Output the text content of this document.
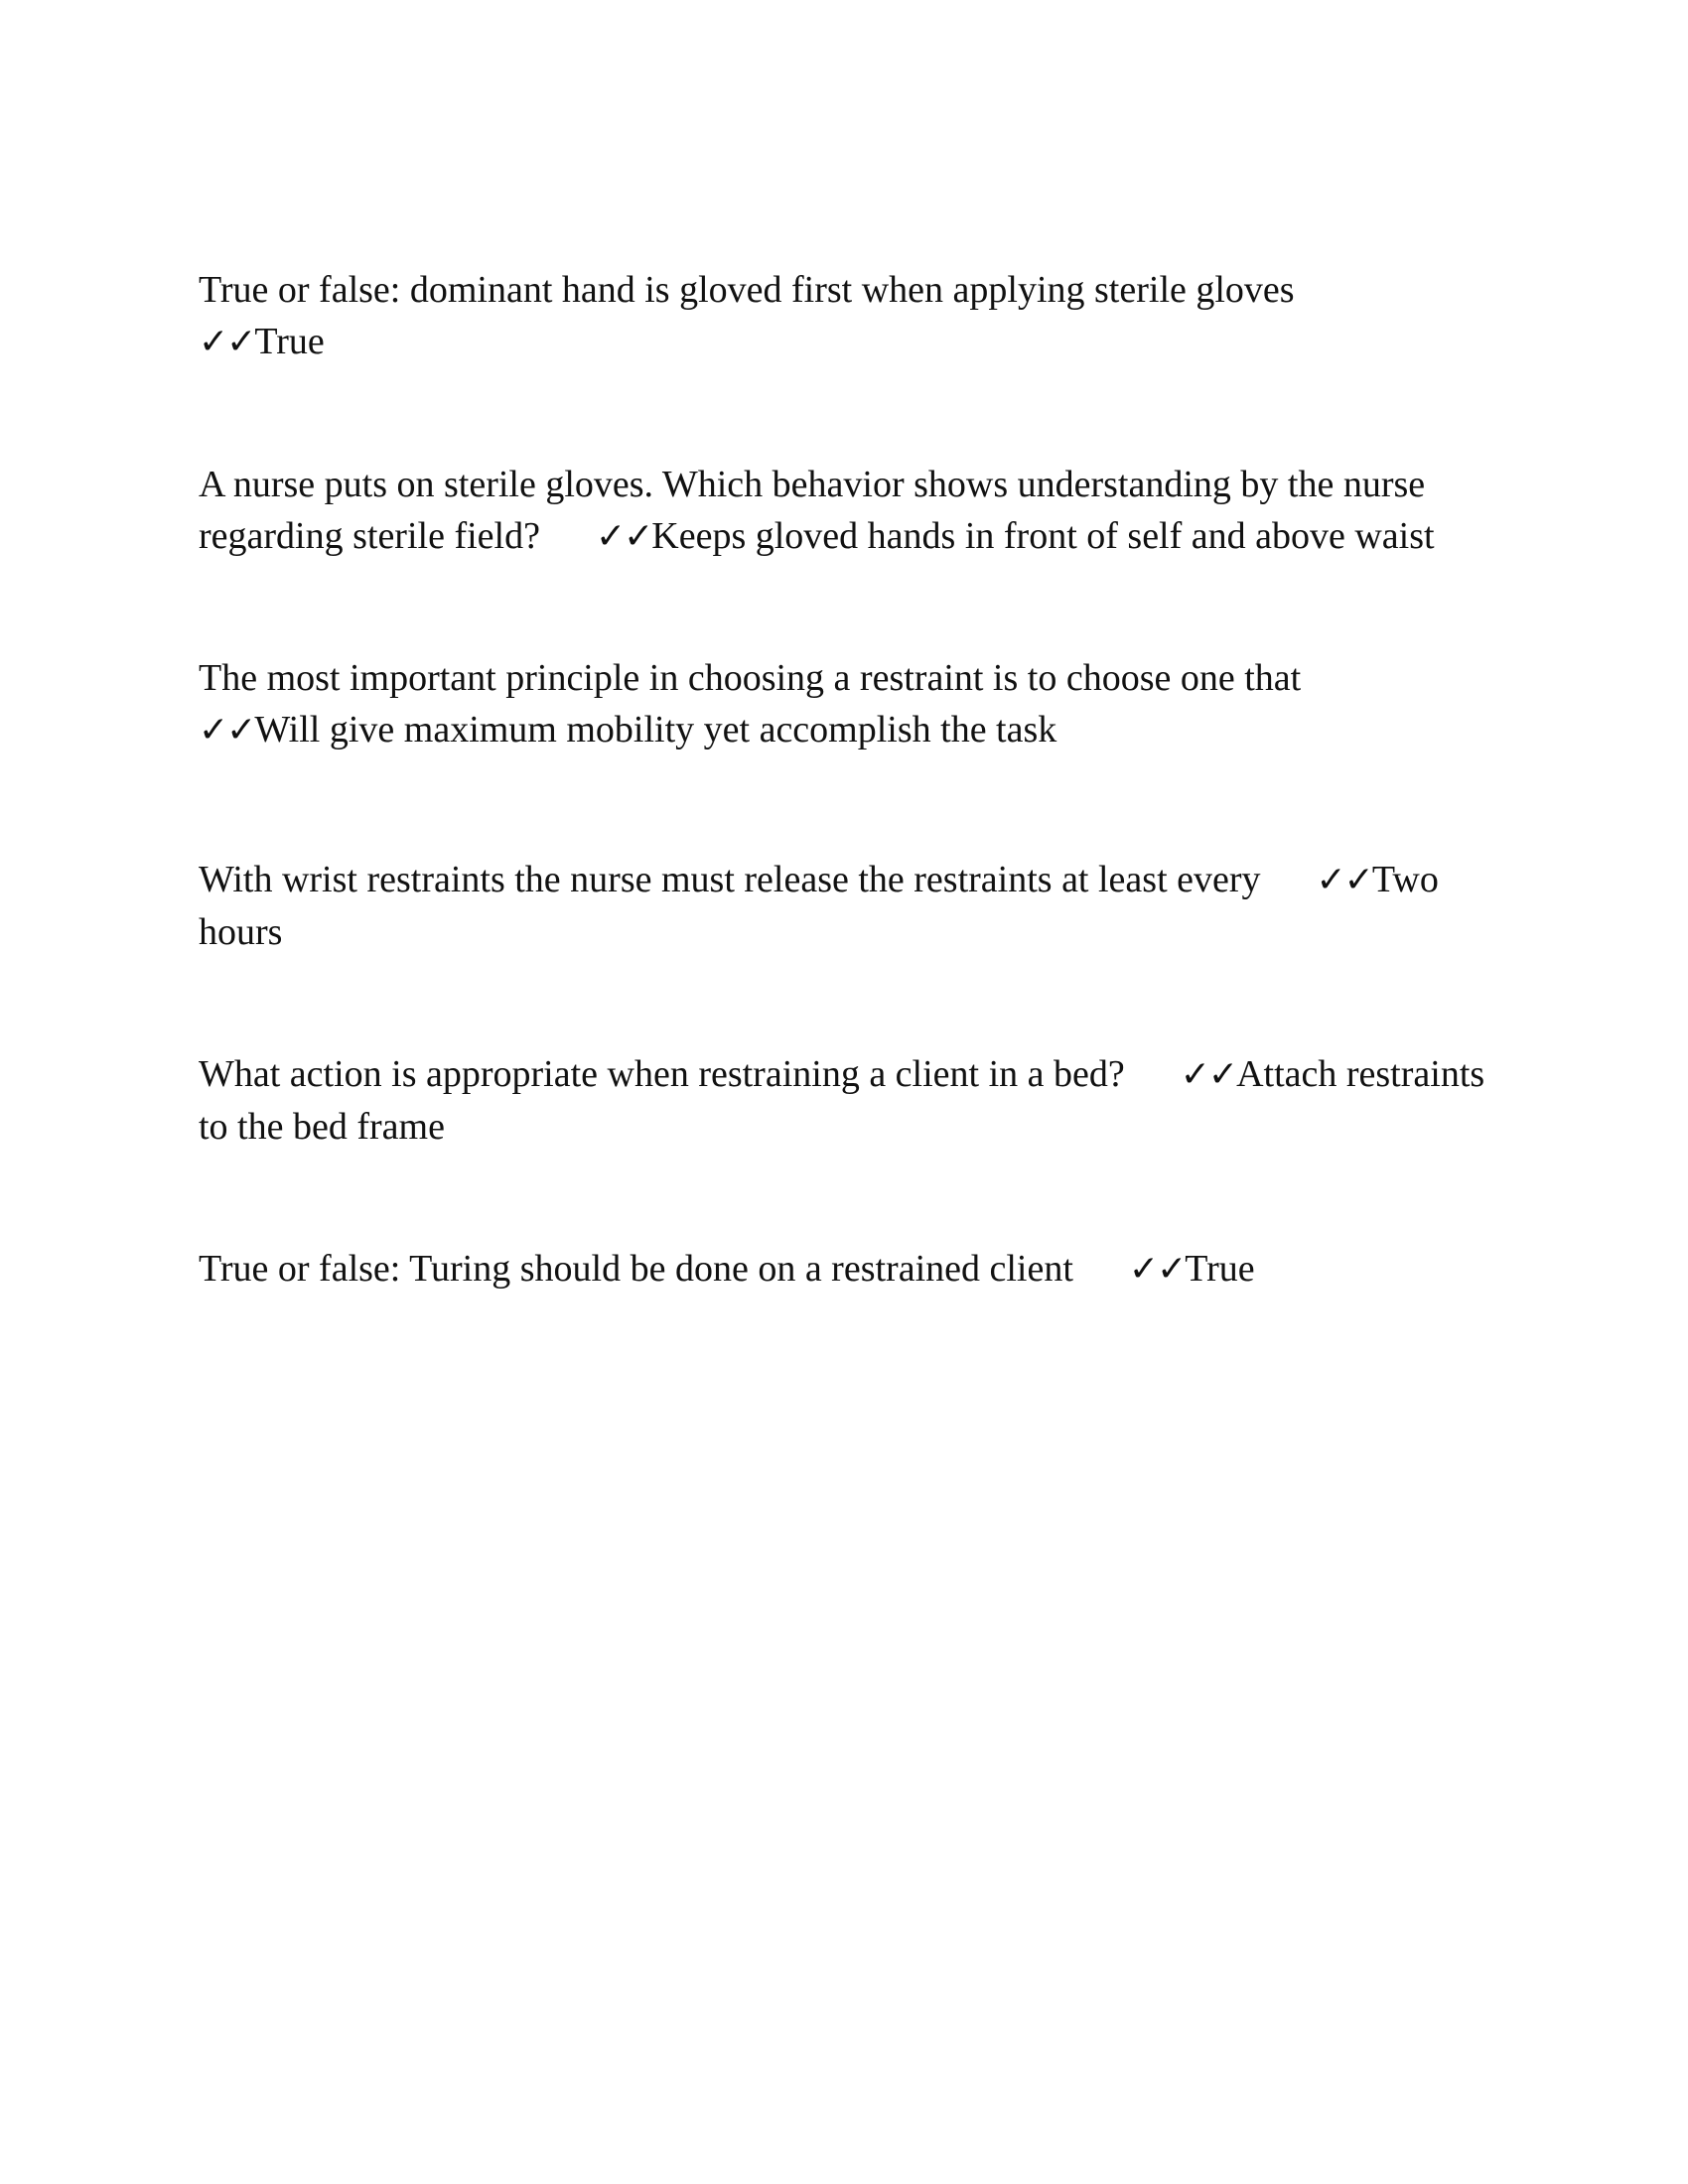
True or false: dominant hand is gloved first when applying sterile gloves
✓✓True
A nurse puts on sterile gloves. Which behavior shows understanding by the nurse regarding sterile field? ✓✓Keeps gloved hands in front of self and above waist
The most important principle in choosing a restraint is to choose one that
✓✓Will give maximum mobility yet accomplish the task
With wrist restraints the nurse must release the restraints at least every ✓✓Two hours
What action is appropriate when restraining a client in a bed? ✓✓Attach restraints to the bed frame
True or false: Turing should be done on a restrained client ✓✓True
